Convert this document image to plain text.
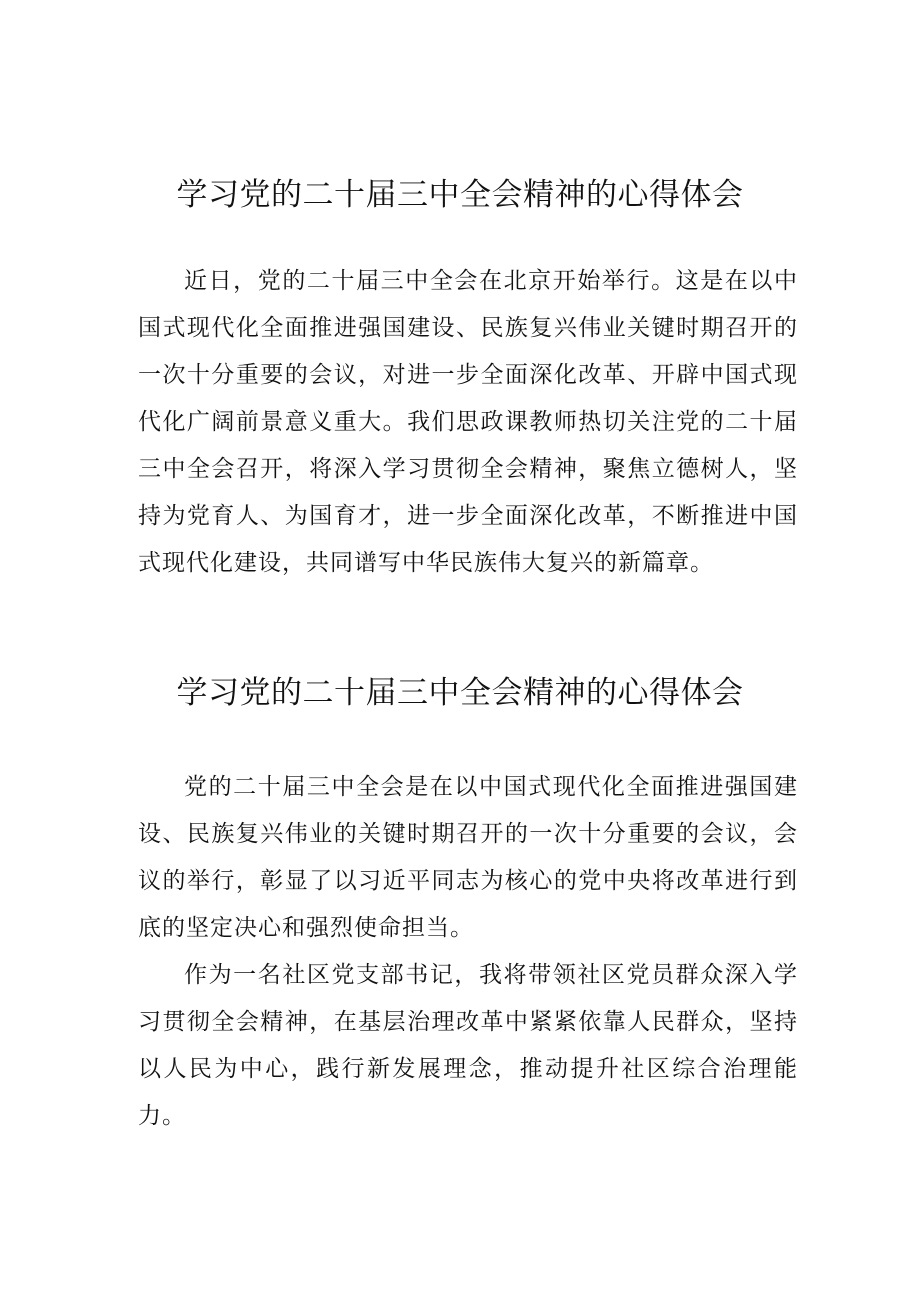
学习党的二十届三中全会精神的心得体会

近日，党的二十届三中全会在北京开始举行。这是在以中国式现代化全面推进强国建设、民族复兴伟业关键时期召开的一次十分重要的会议，对进一步全面深化改革、开辟中国式现代化广阔前景意义重大。我们思政课教师热切关注党的二十届三中全会召开，将深入学习贯彻全会精神，聚焦立德树人，坚持为党育人、为国育才，进一步全面深化改革，不断推进中国式现代化建设，共同谱写中华民族伟大复兴的新篇章。

学习党的二十届三中全会精神的心得体会

党的二十届三中全会是在以中国式现代化全面推进强国建设、民族复兴伟业的关键时期召开的一次十分重要的会议，会议的举行，彰显了以习近平同志为核心的党中央将改革进行到底的坚定决心和强烈使命担当。

作为一名社区党支部书记，我将带领社区党员群众深入学习贯彻全会精神，在基层治理改革中紧紧依靠人民群众，坚持以人民为中心，践行新发展理念，推动提升社区综合治理能力。
